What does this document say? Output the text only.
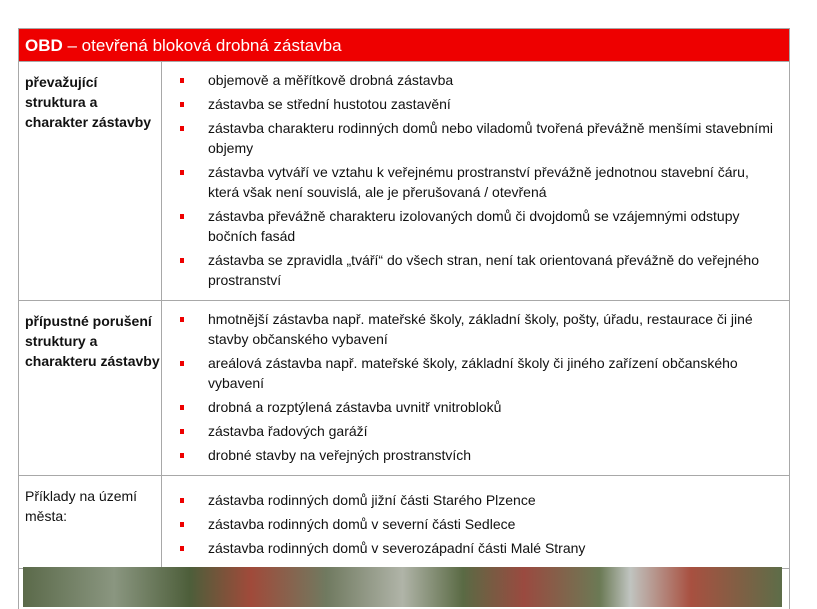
OBD – otevřená bloková drobná zástavba
převažující struktura a charakter zástavby
objemově a měřítkově drobná zástavba
zástavba se střední hustotou zastavění
zástavba charakteru rodinných domů nebo viladomů tvořená převážně menšími stavebními objemy
zástavba vytváří ve vztahu k veřejnému prostranství převážně jednotnou stavební čáru, která však není souvislá, ale je přerušovaná / otevřená
zástavba převážně charakteru izolovaných domů či dvojdomů se vzájemnými odstupy bočních fasád
zástavba se zpravidla „tváří“ do všech stran, není tak orientovaná převážně do veřejného prostranství
přípustné porušení struktury a charakteru zástavby
hmotnější zástavba např. mateřské školy, základní školy, pošty, úřadu, restaurace či jiné stavby občanského vybavení
areálová zástavba např. mateřské školy, základní školy či jiného zařízení občanského vybavení
drobná a rozptýlená zástavba uvnitř vnitrobloků
zástavba řadových garáží
drobné stavby na veřejných prostranstvích
Příklady na území města:
zástavba rodinných domů jižní části Starého Plzence
zástavba rodinných domů v severní části Sedlece
zástavba rodinných domů v severozápadní části Malé Strany
